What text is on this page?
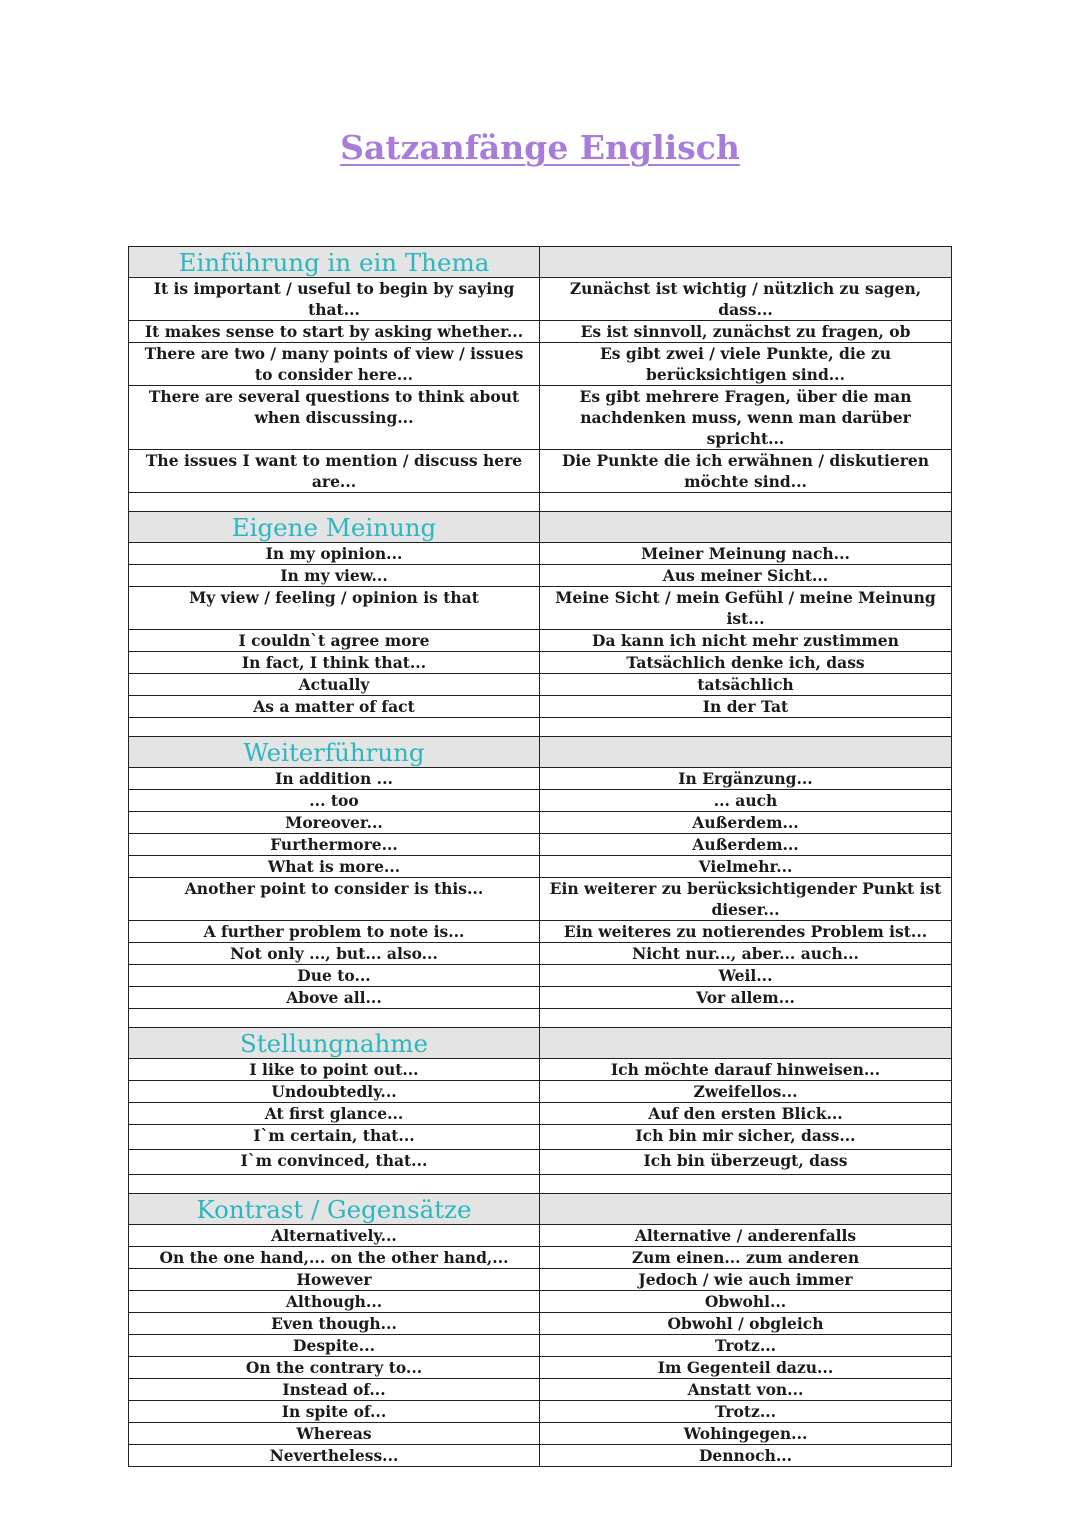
Satzanfänge Englisch
Einführung in ein Thema	
It is important / useful to begin by saying that...	Zunächst ist wichtig / nützlich zu sagen, dass...
It makes sense to start by asking whether...	Es ist sinnvoll, zunächst zu fragen, ob
There are two / many points of view / issues to consider here...	Es gibt zwei / viele Punkte, die zu berücksichtigen sind...
There are several questions to think about when discussing...	Es gibt mehrere Fragen, über die man nachdenken muss, wenn man darüber spricht...
The issues I want to mention / discuss here are...	Die Punkte die ich erwähnen / diskutieren möchte sind...

Eigene Meinung	
In my opinion...	Meiner Meinung nach...
In my view...	Aus meiner Sicht...
My view / feeling / opinion is that	Meine Sicht / mein Gefühl / meine Meinung ist...
I couldn`t agree more	Da kann ich nicht mehr zustimmen
In fact, I think that...	Tatsächlich denke ich, dass
Actually	tatsächlich
As a matter of fact	In der Tat

Weiterführung	
In addition ...	In Ergänzung...
... too	... auch
Moreover...	Außerdem...
Furthermore...	Außerdem...
What is more...	Vielmehr...
Another point to consider is this...	Ein weiterer zu berücksichtigender Punkt ist dieser...
A further problem to note is...	Ein weiteres zu notierendes Problem ist...
Not only ..., but... also...	Nicht nur..., aber... auch...
Due to...	Weil...
Above all...	Vor allem...

Stellungnahme	
I like to point out...	Ich möchte darauf hinweisen...
Undoubtedly...	Zweifellos...
At first glance...	Auf den ersten Blick...
I`m certain, that...	Ich bin mir sicher, dass...
I`m convinced, that...	Ich bin überzeugt, dass

Kontrast / Gegensätze	
Alternatively...	Alternative / anderenfalls
On the one hand,... on the other hand,...	Zum einen... zum anderen
However	Jedoch / wie auch immer
Although...	Obwohl...
Even though...	Obwohl / obgleich
Despite...	Trotz...
On the contrary to...	Im Gegenteil dazu...
Instead of...	Anstatt von...
In spite of...	Trotz...
Whereas	Wohingegen...
Nevertheless...	Dennoch...
